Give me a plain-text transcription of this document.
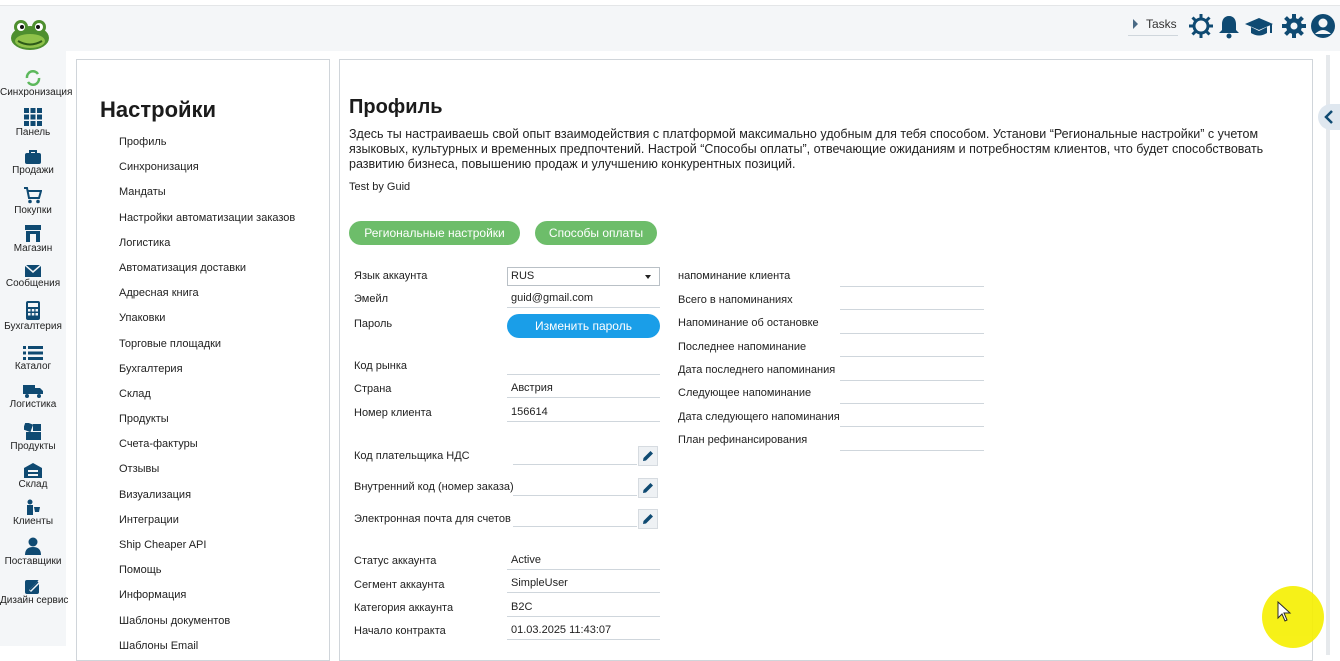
Tasks
Синхронизация
Панель
Продажи
Покупки
Магазин
Сообщения
Бухгалтерия
Каталог
Логистика
Продукты
Склад
Клиенты
Поставщики
Дизайн сервис
Настройки
Профиль
Синхронизация
Мандаты
Настройки автоматизации заказов
Логистика
Автоматизация доставки
Адресная книга
Упаковки
Торговые площадки
Бухгалтерия
Склад
Продукты
Счета-фактуры
Отзывы
Визуализация
Интеграции
Ship Cheaper API
Помощь
Информация
Шаблоны документов
Шаблоны Email
Профиль
Здесь ты настраиваешь свой опыт взаимодействия с платформой максимально удобным для тебя способом. Установи “Региональные настройки” с учетом языковых, культурных и временных предпочтений. Настрой “Способы оплаты”, отвечающие ожиданиям и потребностям клиентов, что будет способствовать развитию бизнеса, повышению продаж и улучшению конкурентных позиций.
Test by Guid
Региональные настройки	Способы оплаты
Язык аккаунта	RUS
Эмейл	guid@gmail.com
Пароль	Изменить пароль
Код рынка
Страна	Австрия
Номер клиента	156614
Код плательщика НДС
Внутренний код (номер заказа)
Электронная почта для счетов
Статус аккаунта	Active
Сегмент аккаунта	SimpleUser
Категория аккаунта	B2C
Начало контракта	01.03.2025 11:43:07
напоминание клиента
Всего в напоминаниях
Напоминание об остановке
Последнее напоминание
Дата последнего напоминания
Следующее напоминание
Дата следующего напоминания
План рефинансирования
